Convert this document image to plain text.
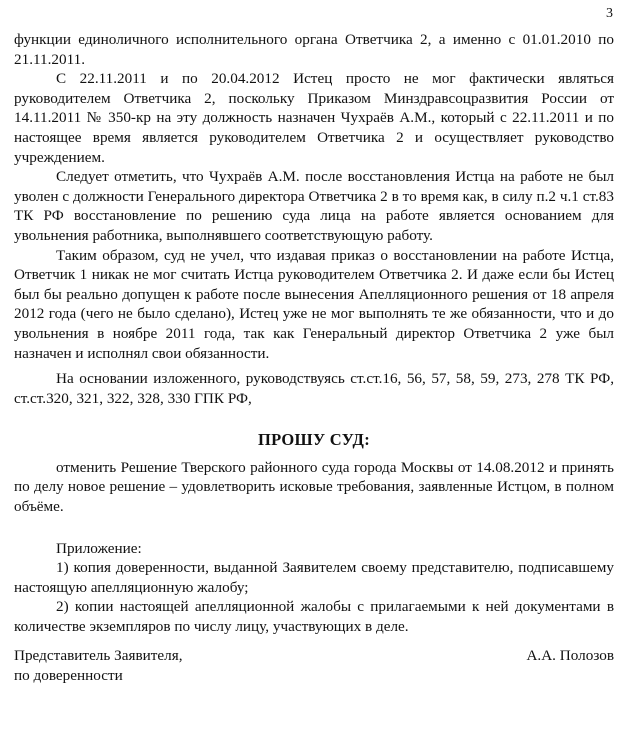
3

функции единоличного исполнительного органа Ответчика 2, а именно с 01.01.2010 по 21.11.2011.

С 22.11.2011 и по 20.04.2012 Истец просто не мог фактически являться руководителем Ответчика 2, поскольку Приказом Минздравсоцразвития России от 14.11.2011 № 350-кр на эту должность назначен Чухраёв А.М., который с 22.11.2011 и по настоящее время является руководителем Ответчика 2 и осуществляет руководство учреждением.

Следует отметить, что Чухраёв А.М. после восстановления Истца на работе не был уволен с должности Генерального директора Ответчика 2 в то время как, в силу п.2 ч.1 ст.83 ТК РФ восстановление по решению суда лица на работе является основанием для увольнения работника, выполнявшего соответствующую работу.

Таким образом, суд не учел, что издавая приказ о восстановлении на работе Истца, Ответчик 1 никак не мог считать Истца руководителем Ответчика 2. И даже если бы Истец был бы реально допущен к работе после вынесения Апелляционного решения от 18 апреля 2012 года (чего не было сделано), Истец уже не мог выполнять те же обязанности, что и до увольнения в ноябре 2011 года, так как Генеральный директор Ответчика 2 уже был назначен и исполнял свои обязанности.

На основании изложенного, руководствуясь ст.ст.16, 56, 57, 58, 59, 273, 278 ТК РФ, ст.ст.320, 321, 322, 328, 330 ГПК РФ,

ПРОШУ СУД:

отменить Решение Тверского районного суда города Москвы от 14.08.2012 и принять по делу новое решение – удовлетворить исковые требования, заявленные Истцом, в полном объёме.

Приложение:

1) копия доверенности, выданной Заявителем своему представителю, подписавшему настоящую апелляционную жалобу;

2) копии настоящей апелляционной жалобы с прилагаемыми к ней документами в количестве экземпляров по числу лицу, участвующих в деле.

Представитель Заявителя,
по доверенности
А.А. Полозов
